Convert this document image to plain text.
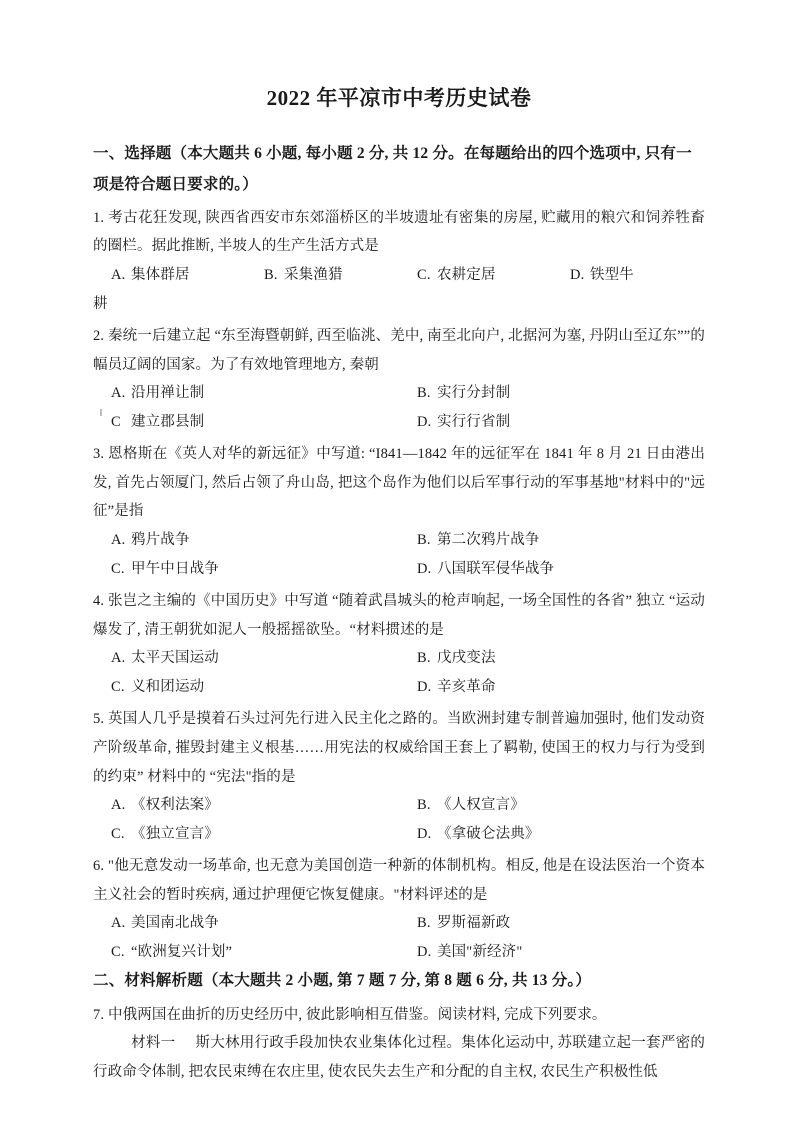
2022 年平凉市中考历史试卷
一、选择题（本大题共 6 小题, 每小题 2 分, 共 12 分。在每题给出的四个选项中, 只有一项是符合题日要求的。）

1. 考古花狂发现, 陕西省西安市东郊淄桥区的半坡遗址有密集的房屋, 贮藏用的粮穴和饲养牲畜的圈栏。据此推断, 半坡人的生产生活方式是

A. 集体群居	B. 采集渔猎	C. 农耕定居	D. 铁型牛
耕

2. 秦统一后建立起 “东至海暨朝鲜, 西至临洮、羌中, 南至北向户, 北据河为塞, 丹阴山至辽东””的幅员辽阔的国家。为了有效地管理地方, 秦朝

A. 沿用禅让制	B. 实行分封制
C 建立郡县制	D. 实行行省制

3. 恩格斯在《英人对华的新远征》中写道: “I841—1842 年的远征军在 1841 年 8 月 21 日由港出发, 首先占领厦门, 然后占领了舟山岛, 把这个岛作为他们以后军事行动的军事基地"材料中的"远征”是指

A. 鸦片战争	B. 第二次鸦片战争
C. 甲午中日战争	D. 八国联军侵华战争

4. 张岂之主编的《中国历史》中写道 “随着武昌城头的枪声响起, 一场全国性的各省” 独立 “运动爆发了, 清王朝犹如泥人一般摇摇欲坠。“材料掼述的是

A. 太平天国运动	B. 戊戌变法
C. 义和团运动	D. 辛亥革命

5. 英国人几乎是摸着石头过河先行进入民主化之路的。当欧洲封建专制普遍加强时, 他们发动资产阶级革命, 摧毁封建主义根基……用宪法的权威给国王套上了羁勒, 使国王的权力与行为受到的约束” 材料中的 “宪法"指的是

A. 《权利法案》	B. 《人权宣言》
C. 《独立宣言》	D. 《拿破仑法典》

6. "他无意发动一场革命, 也无意为美国创造一种新的体制机构。相反, 他是在设法医治一个资本主义社会的暂时疾病, 通过护理便它恢复健康。"材料评述的是

A. 美国南北战争	B. 罗斯福新政
C. “欧洲复兴计划”	D. 美国"新经济"
二、材料解析题（本大题共 2 小题, 第 7 题 7 分, 第 8 题 6 分, 共 13 分。）

7. 中俄两国在曲折的历史经历中, 彼此影响相互借鉴。阅读材料, 完成下列要求。

材料一 斯大林用行政手段加快农业集体化过程。集体化运动中, 苏联建立起一套严密的行政命令体制, 把农民束缚在农庄里, 使农民失去生产和分配的自主权, 农民生产积极性低
